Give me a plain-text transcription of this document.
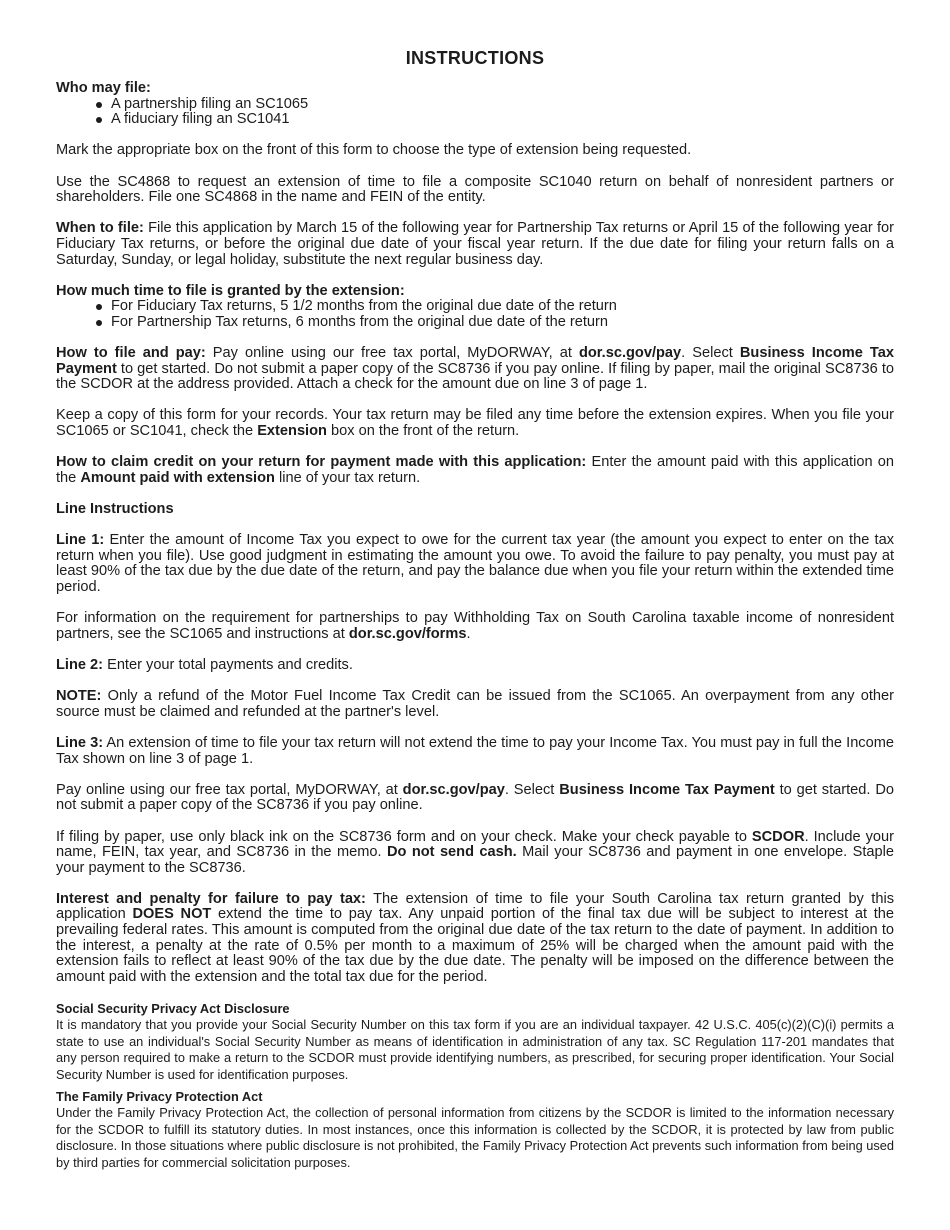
INSTRUCTIONS

Who may file:

A partnership filing an SC1065
A fiduciary filing an SC1041

Mark the appropriate box on the front of this form to choose the type of extension being requested.

Use the SC4868 to request an extension of time to file a composite SC1040 return on behalf of nonresident partners or shareholders. File one SC4868 in the name and FEIN of the entity.

When to file: File this application by March 15 of the following year for Partnership Tax returns or April 15 of the following year for Fiduciary Tax returns, or before the original due date of your fiscal year return. If the due date for filing your return falls on a Saturday, Sunday, or legal holiday, substitute the next regular business day.

How much time to file is granted by the extension:

For Fiduciary Tax returns, 5 1/2 months from the original due date of the return
For Partnership Tax returns, 6 months from the original due date of the return

How to file and pay: Pay online using our free tax portal, MyDORWAY, at dor.sc.gov/pay. Select Business Income Tax Payment to get started. Do not submit a paper copy of the SC8736 if you pay online. If filing by paper, mail the original SC8736 to the SCDOR at the address provided. Attach a check for the amount due on line 3 of page 1.

Keep a copy of this form for your records. Your tax return may be filed any time before the extension expires. When you file your SC1065 or SC1041, check the Extension box on the front of the return.

How to claim credit on your return for payment made with this application: Enter the amount paid with this application on the Amount paid with extension line of your tax return.

Line Instructions

Line 1: Enter the amount of Income Tax you expect to owe for the current tax year (the amount you expect to enter on the tax return when you file). Use good judgment in estimating the amount you owe. To avoid the failure to pay penalty, you must pay at least 90% of the tax due by the due date of the return, and pay the balance due when you file your return within the extended time period.

For information on the requirement for partnerships to pay Withholding Tax on South Carolina taxable income of nonresident partners, see the SC1065 and instructions at dor.sc.gov/forms.

Line 2: Enter your total payments and credits.

NOTE: Only a refund of the Motor Fuel Income Tax Credit can be issued from the SC1065. An overpayment from any other source must be claimed and refunded at the partner's level.

Line 3: An extension of time to file your tax return will not extend the time to pay your Income Tax. You must pay in full the Income Tax shown on line 3 of page 1.

Pay online using our free tax portal, MyDORWAY, at dor.sc.gov/pay. Select Business Income Tax Payment to get started. Do not submit a paper copy of the SC8736 if you pay online.

If filing by paper, use only black ink on the SC8736 form and on your check. Make your check payable to SCDOR. Include your name, FEIN, tax year, and SC8736 in the memo. Do not send cash. Mail your SC8736 and payment in one envelope. Staple your payment to the SC8736.

Interest and penalty for failure to pay tax: The extension of time to file your South Carolina tax return granted by this application DOES NOT extend the time to pay tax. Any unpaid portion of the final tax due will be subject to interest at the prevailing federal rates. This amount is computed from the original due date of the tax return to the date of payment. In addition to the interest, a penalty at the rate of 0.5% per month to a maximum of 25% will be charged when the amount paid with the extension fails to reflect at least 90% of the tax due by the due date. The penalty will be imposed on the difference between the amount paid with the extension and the total tax due for the period.

Social Security Privacy Act Disclosure

It is mandatory that you provide your Social Security Number on this tax form if you are an individual taxpayer. 42 U.S.C. 405(c)(2)(C)(i) permits a state to use an individual's Social Security Number as means of identification in administration of any tax. SC Regulation 117-201 mandates that any person required to make a return to the SCDOR must provide identifying numbers, as prescribed, for securing proper identification. Your Social Security Number is used for identification purposes.

The Family Privacy Protection Act

Under the Family Privacy Protection Act, the collection of personal information from citizens by the SCDOR is limited to the information necessary for the SCDOR to fulfill its statutory duties. In most instances, once this information is collected by the SCDOR, it is protected by law from public disclosure. In those situations where public disclosure is not prohibited, the Family Privacy Protection Act prevents such information from being used by third parties for commercial solicitation purposes.
